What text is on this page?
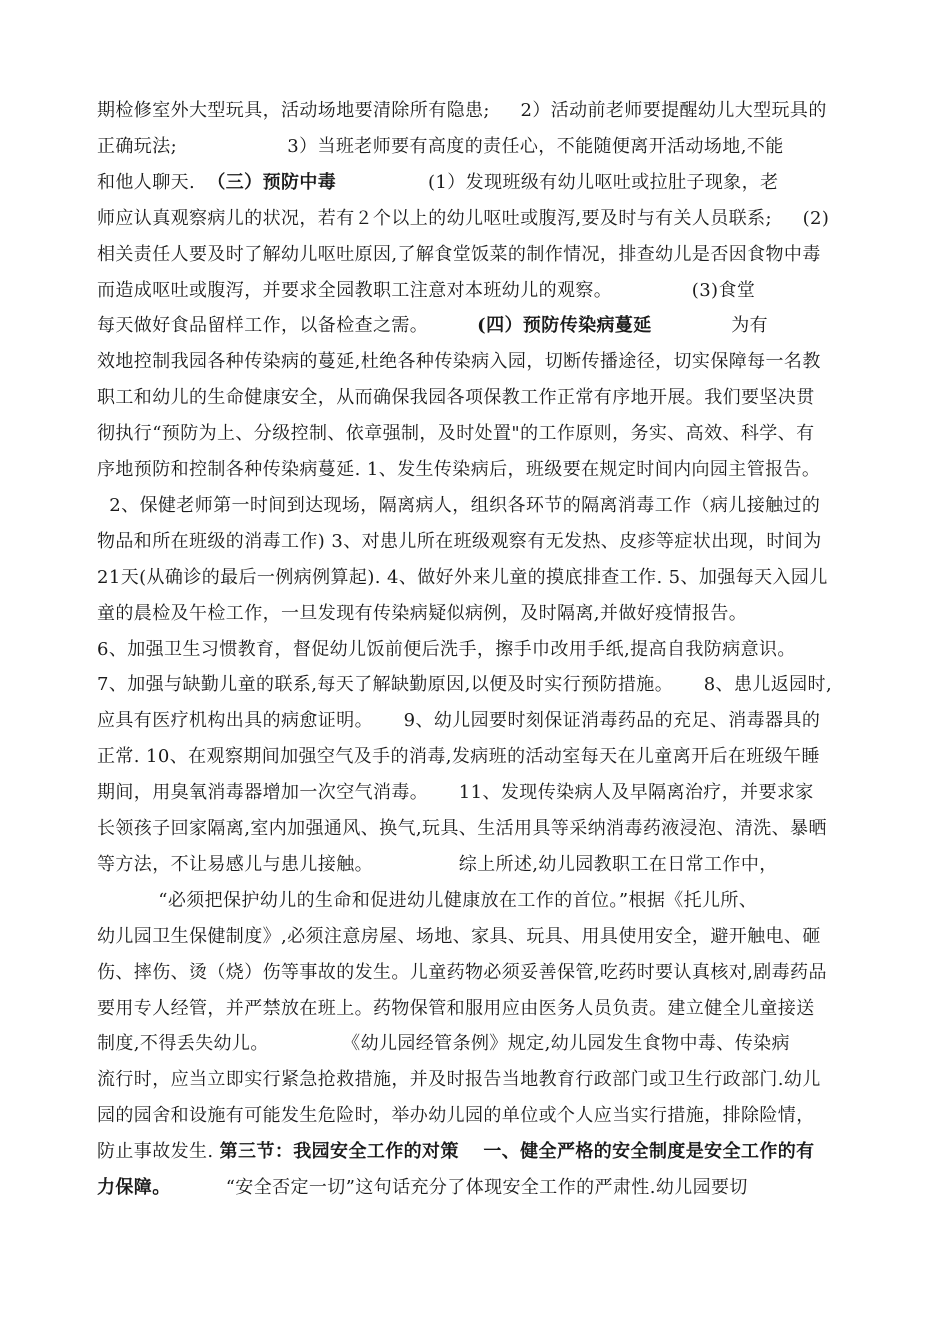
期检修室外大型玩具，活动场地要清除所有隐患;     2）活动前老师要提醒幼儿大型玩具的
正确玩法;                  3）当班老师要有高度的责任心，不能随便离开活动场地,不能
和他人聊天.  （三）预防中毒               (1）发现班级有幼儿呕吐或拉肚子现象，老
师应认真观察病儿的状况，若有２个以上的幼儿呕吐或腹泻,要及时与有关人员联系;     (2)
相关责任人要及时了解幼儿呕吐原因,了解食堂饭菜的制作情况，排查幼儿是否因食物中毒
而造成呕吐或腹泻，并要求全园教职工注意对本班幼儿的观察。             (3)食堂
每天做好食品留样工作，以备检查之需。        (四）预防传染病蔓延             为有
效地控制我园各种传染病的蔓延,杜绝各种传染病入园，切断传播途径，切实保障每一名教
职工和幼儿的生命健康安全，从而确保我园各项保教工作正常有序地开展。我们要坚决贯
彻执行“预防为上、分级控制、依章强制，及时处置"的工作原则，务实、高效、科学、有
序地预防和控制各种传染病蔓延. 1、发生传染病后，班级要在规定时间内向园主管报告。
2、保健老师第一时间到达现场，隔离病人，组织各环节的隔离消毒工作（病儿接触过的
物品和所在班级的消毒工作) 3、对患儿所在班级观察有无发热、皮疹等症状出现，时间为
21天(从确诊的最后一例病例算起). 4、做好外来儿童的摸底排查工作. 5、加强每天入园儿
童的晨检及午检工作，一旦发现有传染病疑似病例，及时隔离,并做好疫情报告。
6、加强卫生习惯教育，督促幼儿饭前便后洗手，擦手巾改用手纸,提高自我防病意识。
7、加强与缺勤儿童的联系,每天了解缺勤原因,以便及时实行预防措施。     8、患儿返园时,
应具有医疗机构出具的病愈证明。     9、幼儿园要时刻保证消毒药品的充足、消毒器具的
正常. 10、在观察期间加强空气及手的消毒,发病班的活动室每天在儿童离开后在班级午睡
期间，用臭氧消毒器增加一次空气消毒。     11、发现传染病人及早隔离治疗，并要求家
长领孩子回家隔离,室内加强通风、换气,玩具、生活用具等采纳消毒药液浸泡、清洗、暴晒
等方法，不让易感儿与患儿接触。              综上所述,幼儿园教职工在日常工作中，
“必须把保护幼儿的生命和促进幼儿健康放在工作的首位。”根据《托儿所、
幼儿园卫生保健制度》,必须注意房屋、场地、家具、玩具、用具使用安全，避开触电、砸
伤、摔伤、烫（烧）伤等事故的发生。儿童药物必须妥善保管,吃药时要认真核对,剧毒药品
要用专人经管，并严禁放在班上。药物保管和服用应由医务人员负责。建立健全儿童接送
制度,不得丢失幼儿。            《幼儿园经管条例》规定,幼儿园发生食物中毒、传染病
流行时，应当立即实行紧急抢救措施，并及时报告当地教育行政部门或卫生行政部门.幼儿
园的园舍和设施有可能发生危险时，举办幼儿园的单位或个人应当实行措施，排除险情，
防止事故发生. 第三节：我园安全工作的对策 一、健全严格的安全制度是安全工作的有
力保障。         “安全否定一切”这句话充分了体现安全工作的严肃性.幼儿园要切
